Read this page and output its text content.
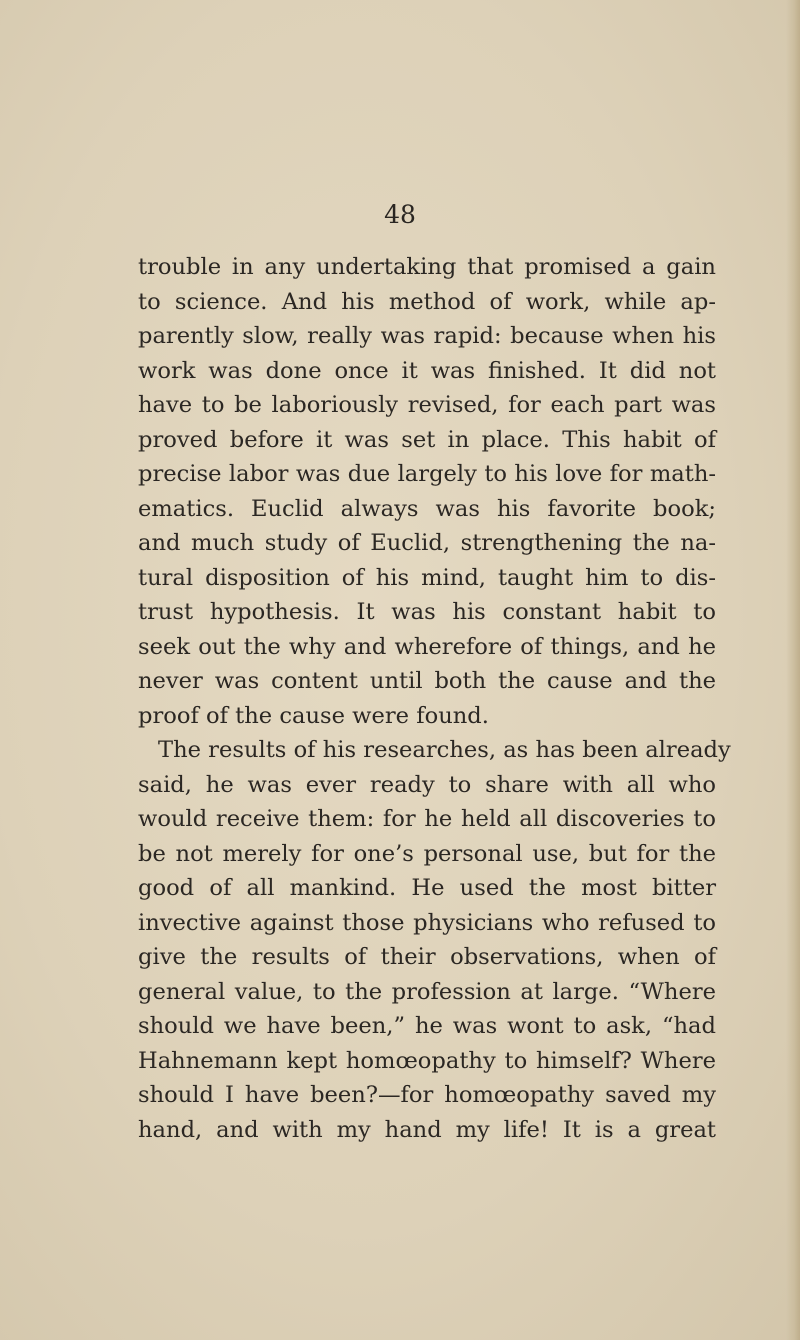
48

trouble in any undertaking that promised a gain
to science. And his method of work, while ap-
parently slow, really was rapid: because when his
work was done once it was finished. It did not
have to be laboriously revised, for each part was
proved before it was set in place. This habit of
precise labor was due largely to his love for math-
ematics. Euclid always was his favorite book;
and much study of Euclid, strengthening the na-
tural disposition of his mind, taught him to dis-
trust hypothesis. It was his constant habit to
seek out the why and wherefore of things, and he
never was content until both the cause and the
proof of the cause were found.
The results of his researches, as has been already
said, he was ever ready to share with all who
would receive them: for he held all discoveries to
be not merely for one’s personal use, but for the
good of all mankind. He used the most bitter
invective against those physicians who refused to
give the results of their observations, when of
general value, to the profession at large. “Where
should we have been,” he was wont to ask, “had
Hahnemann kept homœopathy to himself? Where
should I have been?—for homœopathy saved my
hand, and with my hand my life! It is a great
